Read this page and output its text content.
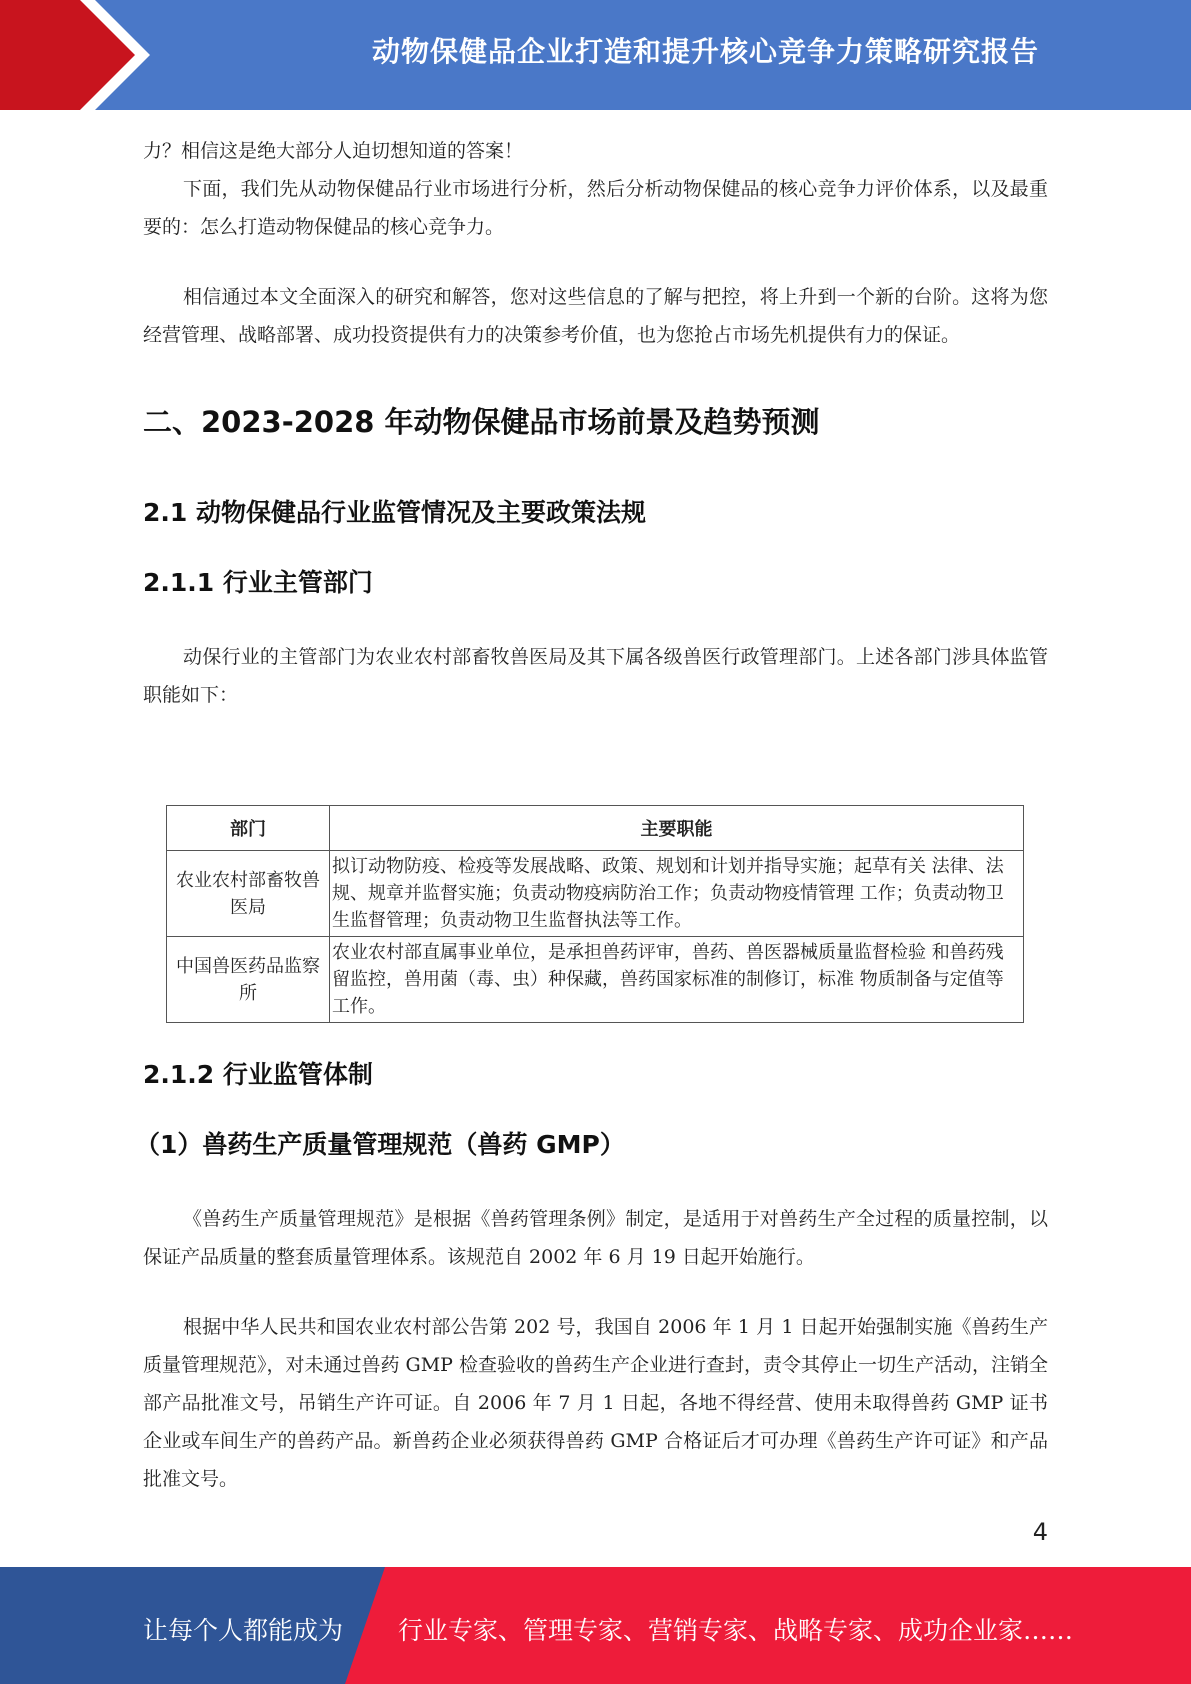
动物保健品企业打造和提升核心竞争力策略研究报告

力？相信这是绝大部分人迫切想知道的答案！

下面，我们先从动物保健品行业市场进行分析，然后分析动物保健品的核心竞争力评价体系，以及最重要的：怎么打造动物保健品的核心竞争力。

相信通过本文全面深入的研究和解答，您对这些信息的了解与把控，将上升到一个新的台阶。这将为您经营管理、战略部署、成功投资提供有力的决策参考价值，也为您抢占市场先机提供有力的保证。

二、2023-2028 年动物保健品市场前景及趋势预测
2.1 动物保健品行业监管情况及主要政策法规
2.1.1 行业主管部门

动保行业的主管部门为农业农村部畜牧兽医局及其下属各级兽医行政管理部门。上述各部门涉具体监管职能如下：

部门	主要职能
农业农村部畜牧兽医局	拟订动物防疫、检疫等发展战略、政策、规划和计划并指导实施；起草有关 法律、法规、规章并监督实施；负责动物疫病防治工作；负责动物疫情管理 工作；负责动物卫生监督管理；负责动物卫生监督执法等工作。
中国兽医药品监察所	农业农村部直属事业单位，是承担兽药评审，兽药、兽医器械质量监督检验 和兽药残留监控，兽用菌（毒、虫）种保藏，兽药国家标准的制修订，标准 物质制备与定值等工作。
2.1.2 行业监管体制
（1）兽药生产质量管理规范（兽药 GMP）

《兽药生产质量管理规范》是根据《兽药管理条例》制定，是适用于对兽药生产全过程的质量控制，以保证产品质量的整套质量管理体系。该规范自 2002 年 6 月 19 日起开始施行。

根据中华人民共和国农业农村部公告第 202 号，我国自 2006 年 1 月 1 日起开始强制实施《兽药生产质量管理规范》，对未通过兽药 GMP 检查验收的兽药生产企业进行查封，责令其停止一切生产活动，注销全部产品批准文号，吊销生产许可证。自 2006 年 7 月 1 日起，各地不得经营、使用未取得兽药 GMP 证书企业或车间生产的兽药产品。新兽药企业必须获得兽药 GMP 合格证后才可办理《兽药生产许可证》和产品批准文号。

4
让每个人都能成为 行业专家、管理专家、营销专家、战略专家、成功企业家……
